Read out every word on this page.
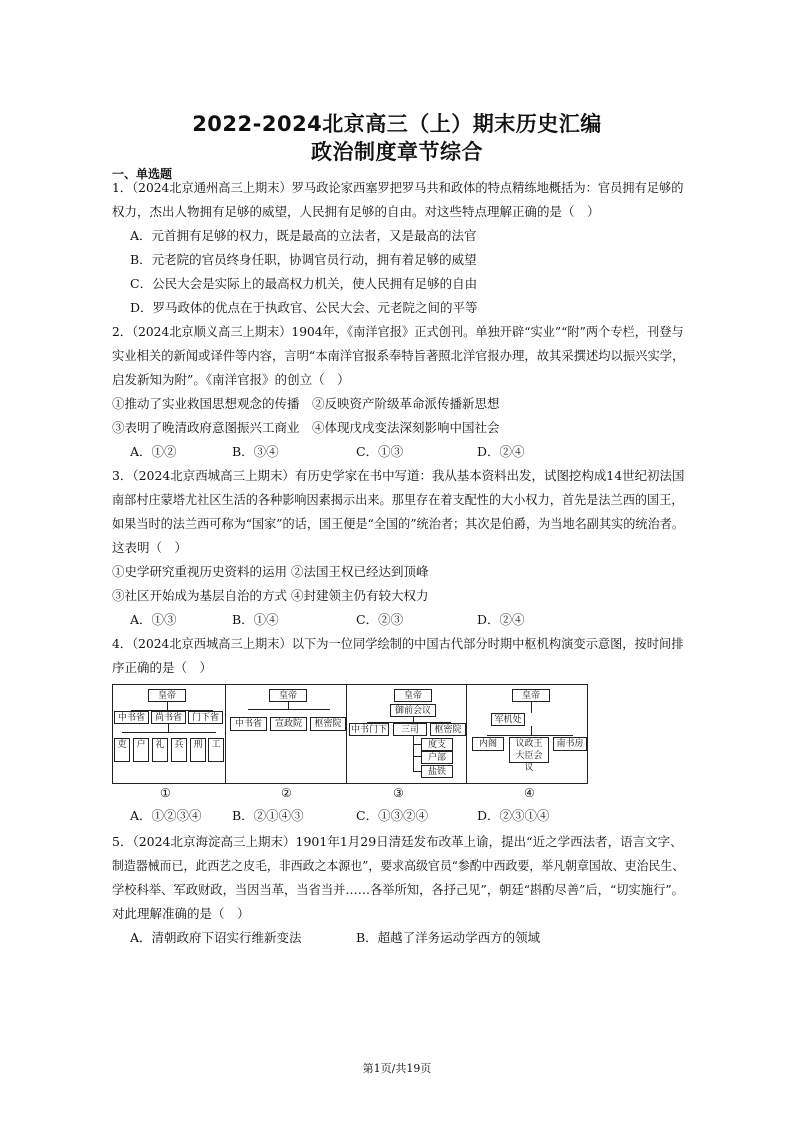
2022-2024北京高三（上）期末历史汇编
政治制度章节综合
一、单选题
1．（2024北京通州高三上期末）罗马政论家西塞罗把罗马共和政体的特点精练地概括为：官员拥有足够的
权力，杰出人物拥有足够的威望，人民拥有足够的自由。对这些特点理解正确的是（　）
A．元首拥有足够的权力，既是最高的立法者，又是最高的法官
B．元老院的官员终身任职，协调官员行动，拥有着足够的威望
C．公民大会是实际上的最高权力机关，使人民拥有足够的自由
D．罗马政体的优点在于执政官、公民大会、元老院之间的平等
2．（2024北京顺义高三上期末）1904年，《南洋官报》正式创刊。单独开辟“实业”“附”两个专栏，刊登与
实业相关的新闻或译件等内容，言明“本南洋官报系奉特旨著照北洋官报办理，故其采撰述均以振兴实学，
启发新知为附”。《南洋官报》的创立（　）
①推动了实业救国思想观念的传播　②反映资产阶级革命派传播新思想
③表明了晚清政府意图振兴工商业　④体现戊戌变法深刻影响中国社会
A．①②	B．③④	C．①③	D．②④
3．（2024北京西城高三上期末）有历史学家在书中写道：我从基本资料出发，试图挖构成14世纪初法国
南部村庄蒙塔尤社区生活的各种影响因素揭示出来。那里存在着支配性的大小权力，首先是法兰西的国王，
如果当时的法兰西可称为“国家”的话，国王便是“全国的”统治者；其次是伯爵，为当地名副其实的统治者。
这表明（　）
①史学研究重视历史资料的运用 ②法国王权已经达到顶峰
③社区开始成为基层自治的方式 ④封建领主仍有较大权力
A．①③	B．①④	C．②③	D．②④
4．（2024北京西城高三上期末）以下为一位同学绘制的中国古代部分时期中枢机构演变示意图，按时间排
序正确的是（　）
皇帝
中书省	尚书省	门下省
吏	户	礼	兵	刑 工
皇帝
中书省	宣政院	枢密院
皇帝
御前会议
中书门下	三司	枢密院
度支
户部
盐铁
皇帝
军机处
内阁	议政王大臣会议
南书房
①	②	③	④
A．①②③④ B．②①④③	C．①③②④	D．②③①④
5．（2024北京海淀高三上期末）1901年1月29日清廷发布改革上谕，提出“近之学西法者，语言文字、
制造器械而已，此西艺之皮毛，非西政之本源也”，要求高级官员“参酌中西政要，举凡朝章国故、吏治民生、
学校科举、军政财政，当因当革，当省当并……各举所知，各抒己见”，朝廷“斟酌尽善”后，“切实施行”。
对此理解准确的是（　）
A．清朝政府下诏实行维新变法	B．超越了洋务运动学西方的领域
第1页/共19页
